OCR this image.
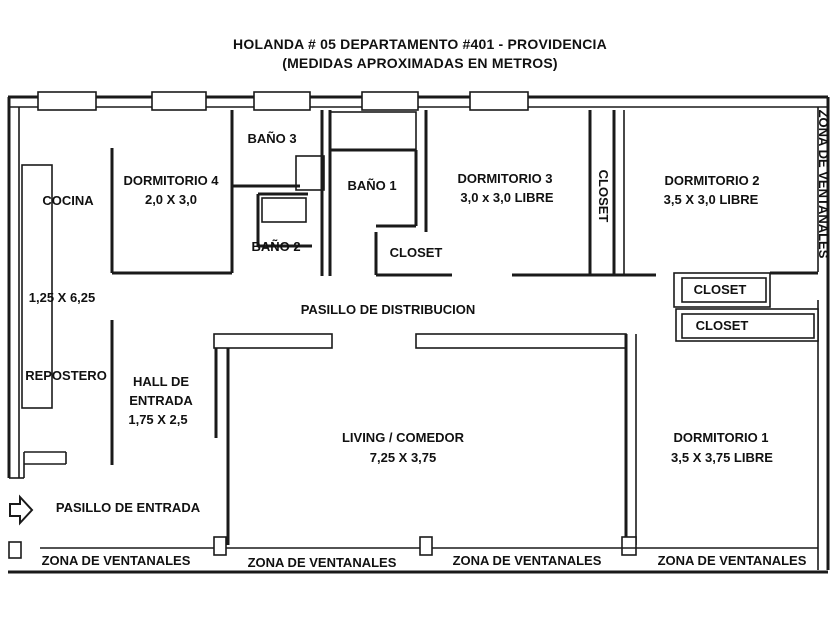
HOLANDA # 05 DEPARTAMENTO #401 - PROVIDENCIA
(MEDIDAS APROXIMADAS EN METROS)
COCINA
1,25 X 6,25
REPOSTERO
DORMITORIO 4
2,0 X 3,0
BAÑO 3
BAÑO 2
BAÑO 1
CLOSET
DORMITORIO 3
3,0 x 3,0 LIBRE	CLOSET	DORMITORIO 2
3,5 X 3,0 LIBRE
CLOSET
CLOSET
ZONA DE VENTANALES
PASILLO DE DISTRIBUCION
HALL DE
ENTRADA
1,75 X 2,5
LIVING / COMEDOR
7,25 X 3,75
DORMITORIO 1
3,5 X 3,75 LIBRE
PASILLO DE ENTRADA
ZONA DE VENTANALES	ZONA DE VENTANALES	ZONA DE VENTANALES	ZONA DE VENTANALES
